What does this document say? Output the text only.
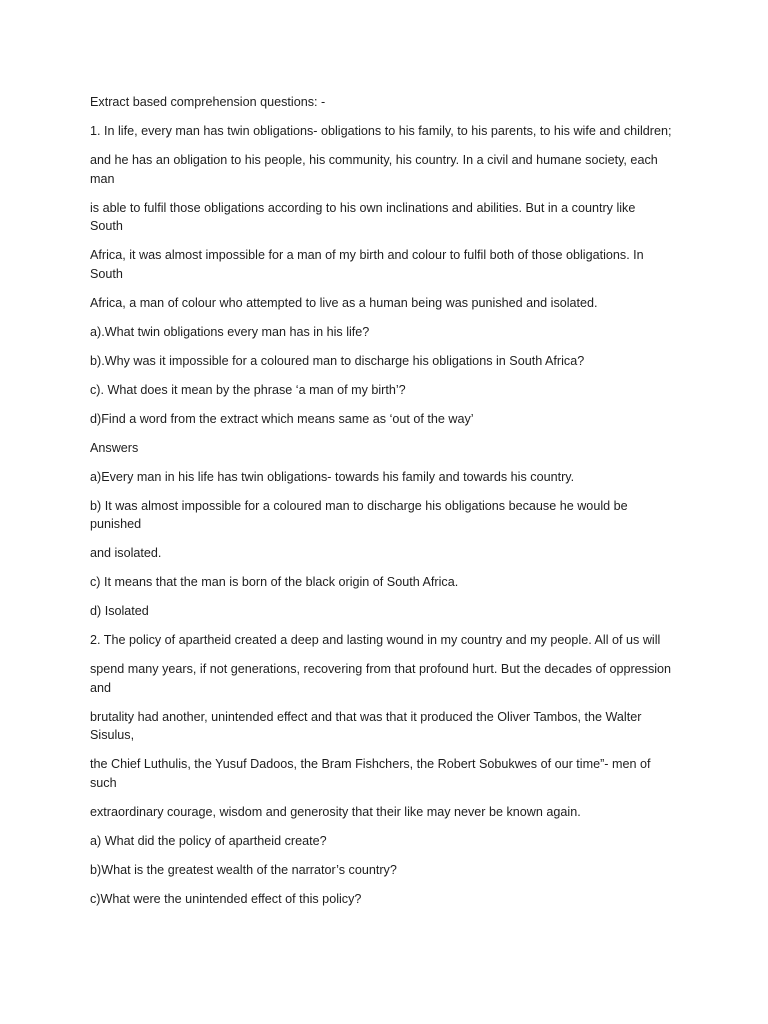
Extract based comprehension questions: -

1. In life, every man has twin obligations- obligations to his family, to his parents, to his wife and children;

and he has an obligation to his people, his community, his country. In a civil and humane society, each
man

is able to fulfil those obligations according to his own inclinations and abilities. But in a country like
South

Africa, it was almost impossible for a man of my birth and colour to fulfil both of those obligations. In
South

Africa, a man of colour who attempted to live as a human being was punished and isolated.

a).What twin obligations every man has in his life?

b).Why was it impossible for a coloured man to discharge his obligations in South Africa?

c). What does it mean by the phrase ‘a man of my birth’?

d)Find a word from the extract which means same as ‘out of the way’

Answers

a)Every man in his life has twin obligations- towards his family and towards his country.

b) It was almost impossible for a coloured man to discharge his obligations because he would be
punished

and isolated.

c) It means that the man is born of the black origin of South Africa.

d) Isolated

2. The policy of apartheid created a deep and lasting wound in my country and my people. All of us will

spend many years, if not generations, recovering from that profound hurt. But the decades of oppression
and

brutality had another, unintended effect and that was that it produced the Oliver Tambos, the Walter
Sisulus,

the Chief Luthulis, the Yusuf Dadoos, the Bram Fishchers, the Robert Sobukwes of our time”- men of
such

extraordinary courage, wisdom and generosity that their like may never be known again.

a) What did the policy of apartheid create?

b)What is the greatest wealth of the narrator’s country?

c)What were the unintended effect of this policy?
